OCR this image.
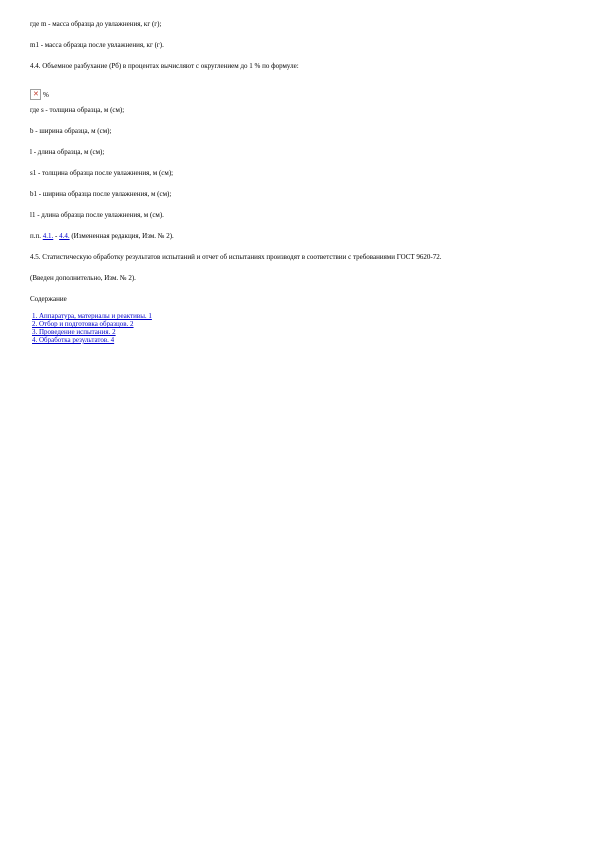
где m - масса образца до увлажнения, кг (г);

m1 - масса образца после увлажнения, кг (г).

4.4. Объемное разбухание (Pб) в процентах вычисляют с округлением до 1 % по формуле:

✕ %

где s - толщина образца, м (см);

b - ширина образца, м (см);

l - длина образца, м (см);

s1 - толщина образца после увлажнения, м (см);

b1 - ширина образца после увлажнения, м (см);

l1 - длина образца после увлажнения, м (см).

п.п. 4.1. - 4.4. (Измененная редакция, Изм. № 2).

4.5. Статистическую обработку результатов испытаний и отчет об испытаниях производят в соответствии с требованиями ГОСТ 9620-72.

(Введен дополнительно, Изм. № 2).

Содержание

1. Аппаратура, материалы и реактивы. 1
2. Отбор и подготовка образцов. 2
3. Проведение испытания. 2
4. Обработка результатов. 4
